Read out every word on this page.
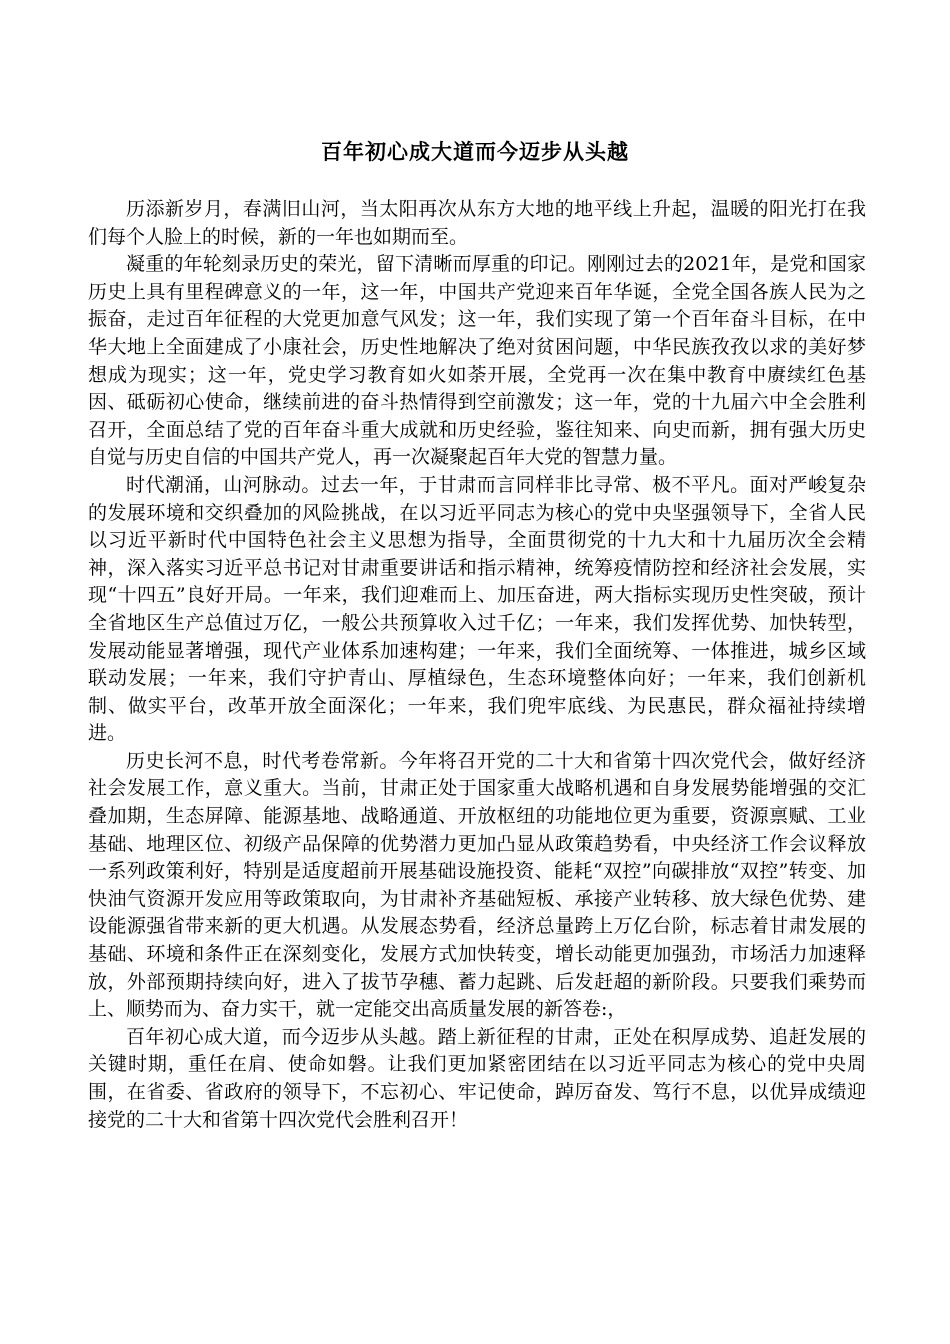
百年初心成大道而今迈步从头越

历添新岁月，春满旧山河，当太阳再次从东方大地的地平线上升起，温暖的阳光打在我们每个人脸上的时候，新的一年也如期而至。

凝重的年轮刻录历史的荣光，留下清晰而厚重的印记。刚刚过去的2021年，是党和国家历史上具有里程碑意义的一年，这一年，中国共产党迎来百年华诞，全党全国各族人民为之振奋，走过百年征程的大党更加意气风发；这一年，我们实现了第一个百年奋斗目标，在中华大地上全面建成了小康社会，历史性地解决了绝对贫困问题，中华民族孜孜以求的美好梦想成为现实；这一年，党史学习教育如火如荼开展，全党再一次在集中教育中赓续红色基因、砥砺初心使命，继续前进的奋斗热情得到空前激发；这一年，党的十九届六中全会胜利召开，全面总结了党的百年奋斗重大成就和历史经验，鉴往知来、向史而新，拥有强大历史自觉与历史自信的中国共产党人，再一次凝聚起百年大党的智慧力量。

时代潮涌，山河脉动。过去一年，于甘肃而言同样非比寻常、极不平凡。面对严峻复杂的发展环境和交织叠加的风险挑战，在以习近平同志为核心的党中央坚强领导下，全省人民以习近平新时代中国特色社会主义思想为指导，全面贯彻党的十九大和十九届历次全会精神，深入落实习近平总书记对甘肃重要讲话和指示精神，统筹疫情防控和经济社会发展，实现“十四五”良好开局。一年来，我们迎难而上、加压奋进，两大指标实现历史性突破，预计全省地区生产总值过万亿，一般公共预算收入过千亿；一年来，我们发挥优势、加快转型，发展动能显著增强，现代产业体系加速构建；一年来，我们全面统筹、一体推进，城乡区域联动发展；一年来，我们守护青山、厚植绿色，生态环境整体向好；一年来，我们创新机制、做实平台，改革开放全面深化；一年来，我们兜牢底线、为民惠民，群众福祉持续增进。

历史长河不息，时代考卷常新。今年将召开党的二十大和省第十四次党代会，做好经济社会发展工作，意义重大。当前，甘肃正处于国家重大战略机遇和自身发展势能增强的交汇叠加期，生态屏障、能源基地、战略通道、开放枢纽的功能地位更为重要，资源禀赋、工业基础、地理区位、初级产品保障的优势潜力更加凸显从政策趋势看，中央经济工作会议释放一系列政策利好，特别是适度超前开展基础设施投资、能耗“双控”向碳排放“双控”转变、加快油气资源开发应用等政策取向，为甘肃补齐基础短板、承接产业转移、放大绿色优势、建设能源强省带来新的更大机遇。从发展态势看，经济总量跨上万亿台阶，标志着甘肃发展的基础、环境和条件正在深刻变化，发展方式加快转变，增长动能更加强劲，市场活力加速释放，外部预期持续向好，进入了拔节孕穗、蓄力起跳、后发赶超的新阶段。只要我们乘势而上、顺势而为、奋力实干，就一定能交出高质量发展的新答卷:，

百年初心成大道，而今迈步从头越。踏上新征程的甘肃，正处在积厚成势、追赶发展的关键时期，重任在肩、使命如磐。让我们更加紧密团结在以习近平同志为核心的党中央周围，在省委、省政府的领导下，不忘初心、牢记使命，踔厉奋发、笃行不息，以优异成绩迎接党的二十大和省第十四次党代会胜利召开！
